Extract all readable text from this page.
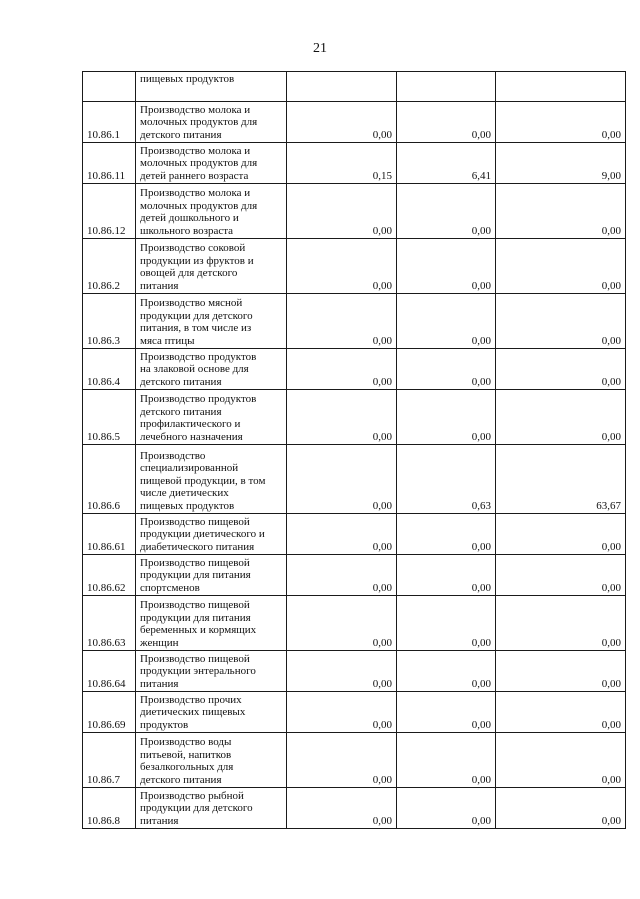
21
	пищевых продуктов			
10.86.1	Производство молока и
молочных продуктов для
детского питания	0,00	0,00	0,00
10.86.11	Производство молока и
молочных продуктов для
детей раннего возраста	0,15	6,41	9,00
10.86.12	Производство молока и
молочных продуктов для
детей дошкольного и
школьного возраста	0,00	0,00	0,00
10.86.2	Производство соковой
продукции из фруктов и
овощей для детского
питания	0,00	0,00	0,00
10.86.3	Производство мясной
продукции для детского
питания, в том числе из
мяса птицы	0,00	0,00	0,00
10.86.4	Производство продуктов
на злаковой основе для
детского питания	0,00	0,00	0,00
10.86.5	Производство продуктов
детского питания
профилактического и
лечебного назначения	0,00	0,00	0,00
10.86.6	Производство
специализированной
пищевой продукции, в том
числе диетических
пищевых продуктов	0,00	0,63	63,67
10.86.61	Производство пищевой
продукции диетического и
диабетического питания	0,00	0,00	0,00
10.86.62	Производство пищевой
продукции для питания
спортсменов	0,00	0,00	0,00
10.86.63	Производство пищевой
продукции для питания
беременных и кормящих
женщин	0,00	0,00	0,00
10.86.64	Производство пищевой
продукции энтерального
питания	0,00	0,00	0,00
10.86.69	Производство прочих
диетических пищевых
продуктов	0,00	0,00	0,00
10.86.7	Производство воды
питьевой, напитков
безалкогольных для
детского питания	0,00	0,00	0,00
10.86.8	Производство рыбной
продукции для детского
питания	0,00	0,00	0,00
